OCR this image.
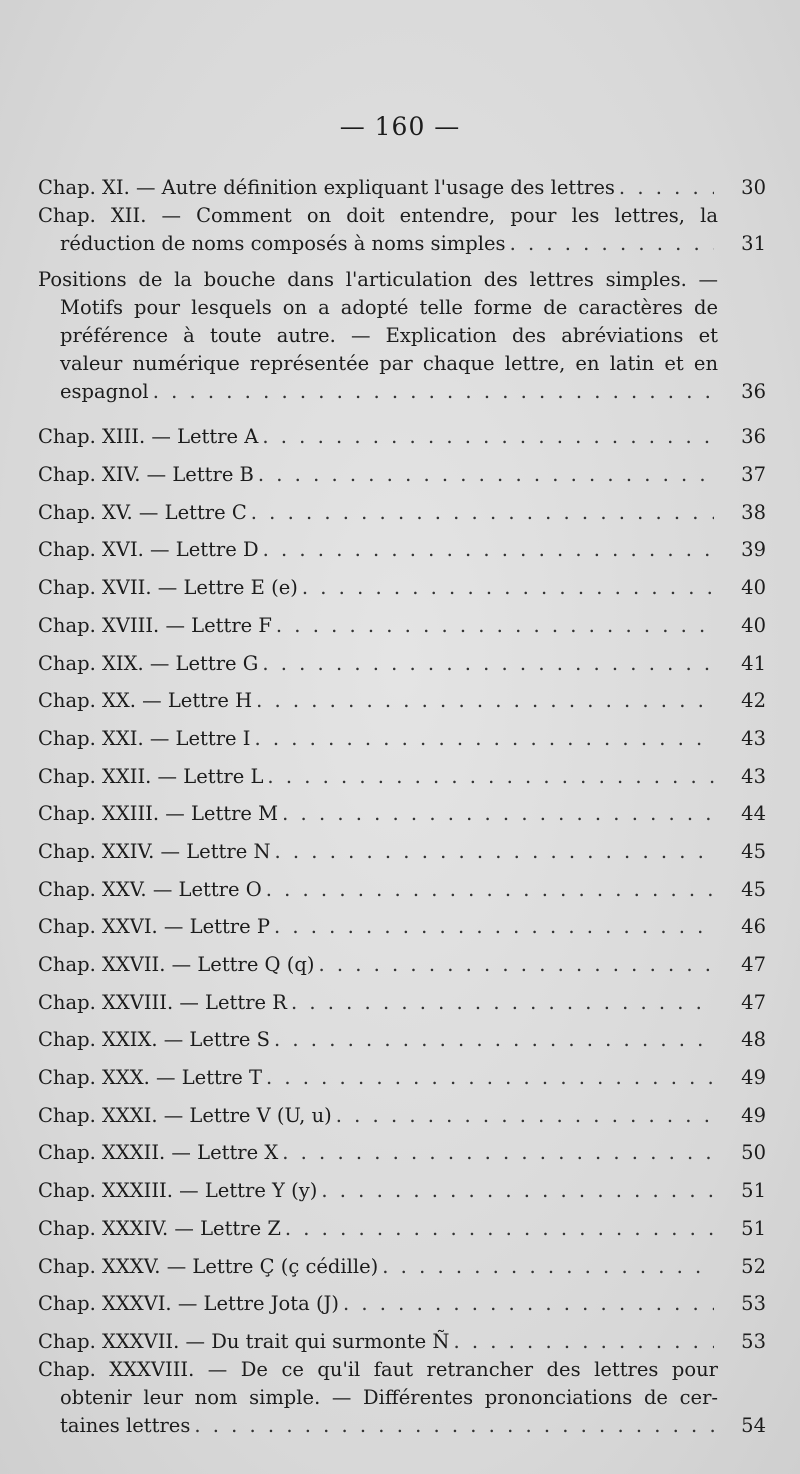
— 160 —
Chap. XI. — Autre définition expliquant l'usage des lettres . . .	30
Chap. XII. — Comment on doit entendre, pour les lettres, la
réduction de noms composés à noms simples . . .	31
Positions de la bouche dans l'articulation des lettres simples. —
Motifs pour lesquels on a adopté telle forme de caractères de
préférence à toute autre. — Explication des abréviations et
valeur numérique représentée par chaque lettre, en latin et en
espagnol . . .	36
Chap. XIII. — Lettre A . . .	36
Chap. XIV. — Lettre B . . .	37
Chap. XV. — Lettre C . . .	38
Chap. XVI. — Lettre D . . .	39
Chap. XVII. — Lettre E (e) . . .	40
Chap. XVIII. — Lettre F . . .	40
Chap. XIX. — Lettre G . . .	41
Chap. XX. — Lettre H . . .	42
Chap. XXI. — Lettre I . . .	43
Chap. XXII. — Lettre L . . .	43
Chap. XXIII. — Lettre M . . .	44
Chap. XXIV. — Lettre N . . .	45
Chap. XXV. — Lettre O . . .	45
Chap. XXVI. — Lettre P . . .	46
Chap. XXVII. — Lettre Q (q) . . .	47
Chap. XXVIII. — Lettre R . . .	47
Chap. XXIX. — Lettre S . . .	48
Chap. XXX. — Lettre T . . .	49
Chap. XXXI. — Lettre V (U, u) . . .	49
Chap. XXXII. — Lettre X . . .	50
Chap. XXXIII. — Lettre Y (y) . . .	51
Chap. XXXIV. — Lettre Z . . .	51
Chap. XXXV. — Lettre Ç (ç cédille) . . .	52
Chap. XXXVI. — Lettre Jota (J) . . .	53
Chap. XXXVII. — Du trait qui surmonte Ñ . . .	53
Chap. XXXVIII. — De ce qu'il faut retrancher des lettres pour
obtenir leur nom simple. — Différentes prononciations de cer-
taines lettres . . .	54
